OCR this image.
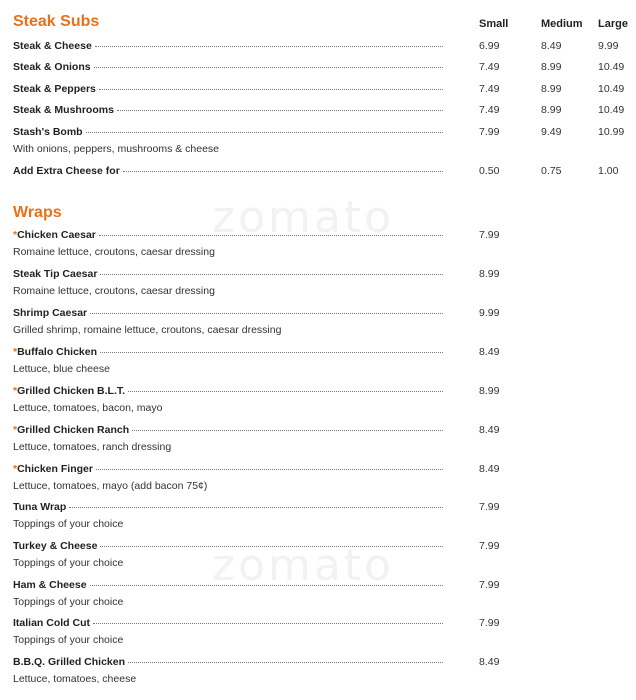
zomato
zomato
Steak Subs	Small	Medium Large
Steak & Cheese	6.99	8.49	9.99
Steak & Onions	7.49	8.99	10.49
Steak & Peppers	7.49	8.99	10.49
Steak & Mushrooms	7.49	8.99	10.49
Stash's Bomb	7.99	9.49	10.99
With onions, peppers, mushrooms & cheese
Add Extra Cheese for	0.50	0.75	1.00
Wraps
* Chicken Caesar	7.99
Romaine lettuce, croutons, caesar dressing
Steak Tip Caesar	8.99
Romaine lettuce, croutons, caesar dressing
Shrimp Caesar	9.99
Grilled shrimp, romaine lettuce, croutons, caesar dressing
* Buffalo Chicken	8.49
Lettuce, blue cheese
* Grilled Chicken B.L.T.	8.99
Lettuce, tomatoes, bacon, mayo
* Grilled Chicken Ranch	8.49
Lettuce, tomatoes, ranch dressing
* Chicken Finger	8.49
Lettuce, tomatoes, mayo (add bacon 75¢)
Tuna Wrap	7.99
Toppings of your choice
Turkey & Cheese	7.99
Toppings of your choice
Ham & Cheese	7.99
Toppings of your choice
Italian Cold Cut	7.99
Toppings of your choice
B.B.Q. Grilled Chicken	8.49
Lettuce, tomatoes, cheese
